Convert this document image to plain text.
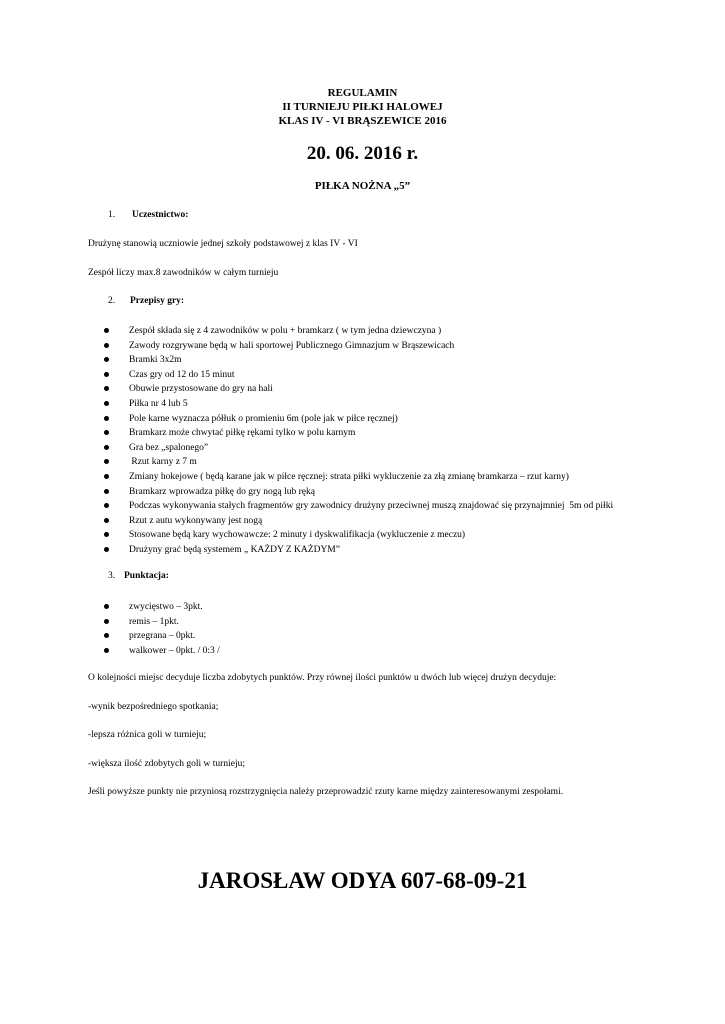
REGULAMIN
II TURNIEJU PIŁKI HALOWEJ
KLAS IV - VI BRĄSZEWICE 2016
20. 06. 2016 r.
PIŁKA NOŻNA „5”
1. Uczestnictwo:
Drużynę stanowią uczniowie jednej szkoły podstawowej z klas IV - VI
Zespół liczy max.8 zawodników w całym turnieju
2. Przepisy gry:
Zespół składa się z 4 zawodników w polu + bramkarz ( w tym jedna dziewczyna )
Zawody rozgrywane będą w hali sportowej Publicznego Gimnazjum w Brąszewicach
Bramki 3x2m
Czas gry od 12 do 15 minut
Obuwie przystosowane do gry na hali
Piłka nr 4 lub 5
Pole karne wyznacza półłuk o promieniu 6m (pole jak w piłce ręcznej)
Bramkarz może chwytać piłkę rękami tylko w polu karnym
Gra bez „spalonego”
Rzut karny z 7 m
Zmiany hokejowe ( będą karane jak w piłce ręcznej: strata piłki wykluczenie za złą zmianę bramkarza – rzut karny)
Bramkarz wprowadza piłkę do gry nogą lub ręką
Podczas wykonywania stałych fragmentów gry zawodnicy drużyny przeciwnej muszą znajdować się przynajmniej  5m od piłki
Rzut z autu wykonywany jest nogą
Stosowane będą kary wychowawcze: 2 minuty i dyskwalifikacja (wykluczenie z meczu)
Drużyny grać będą systemem „ KAŻDY Z KAŻDYM”
3. Punktacja:
zwycięstwo – 3pkt.
remis – 1pkt.
przegrana – 0pkt.
walkower – 0pkt. / 0:3 /
O kolejności miejsc decyduje liczba zdobytych punktów. Przy równej ilości punktów u dwóch lub więcej drużyn decyduje:
-wynik bezpośredniego spotkania;
-lepsza różnica goli w turnieju;
-większa ilość zdobytych goli w turnieju;
Jeśli powyższe punkty nie przyniosą rozstrzygnięcia należy przeprowadzić rzuty karne między zainteresowanymi zespołami.
JAROSŁAW ODYA 607-68-09-21
